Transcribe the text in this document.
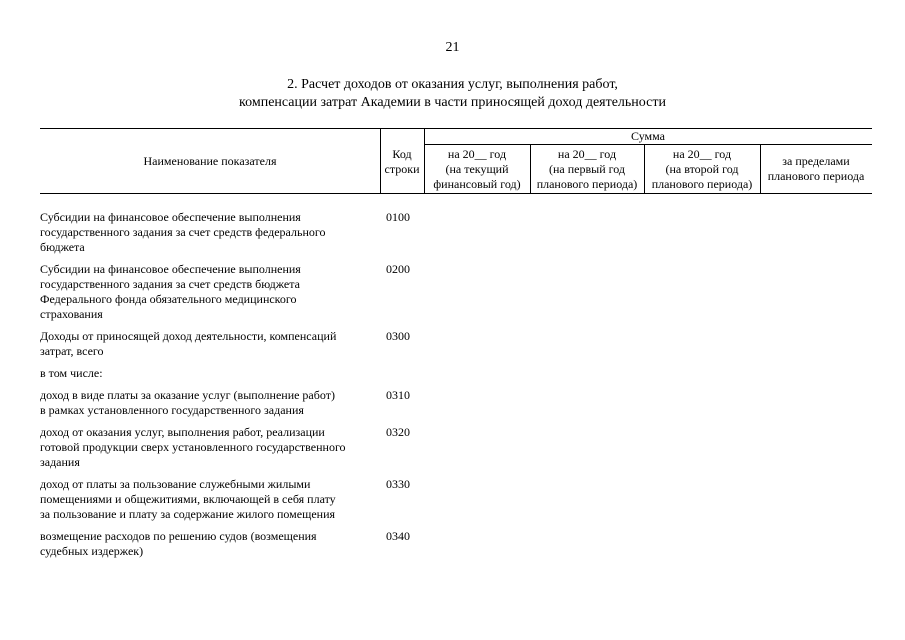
21
2. Расчет доходов от оказания услуг, выполнения работ,
компенсации затрат Академии в части приносящей доход деятельности
Наименование показателя	Код
строки
Сумма
на 20__ год
(на текущий
финансовый год)
на 20__ год
(на первый год
планового периода)
на 20__ год
(на второй год
планового периода)
за пределами
планового периода
Субсидии на финансовое обеспечение выполнения
государственного задания за счет средств федерального
бюджета
0100
Субсидии на финансовое обеспечение выполнения
государственного задания за счет средств бюджета
Федерального фонда обязательного медицинского
страхования
0200
Доходы от приносящей доход деятельности, компенсаций
затрат, всего
0300
в том числе:
доход в виде платы за оказание услуг (выполнение работ)
в рамках установленного государственного задания
0310
доход от оказания услуг, выполнения работ, реализации
готовой продукции сверх установленного государственного
задания
0320
доход от платы за пользование служебными жилыми
помещениями и общежитиями, включающей в себя плату
за пользование и плату за содержание жилого помещения
0330
возмещение расходов по решению судов (возмещения
судебных издержек)
0340
